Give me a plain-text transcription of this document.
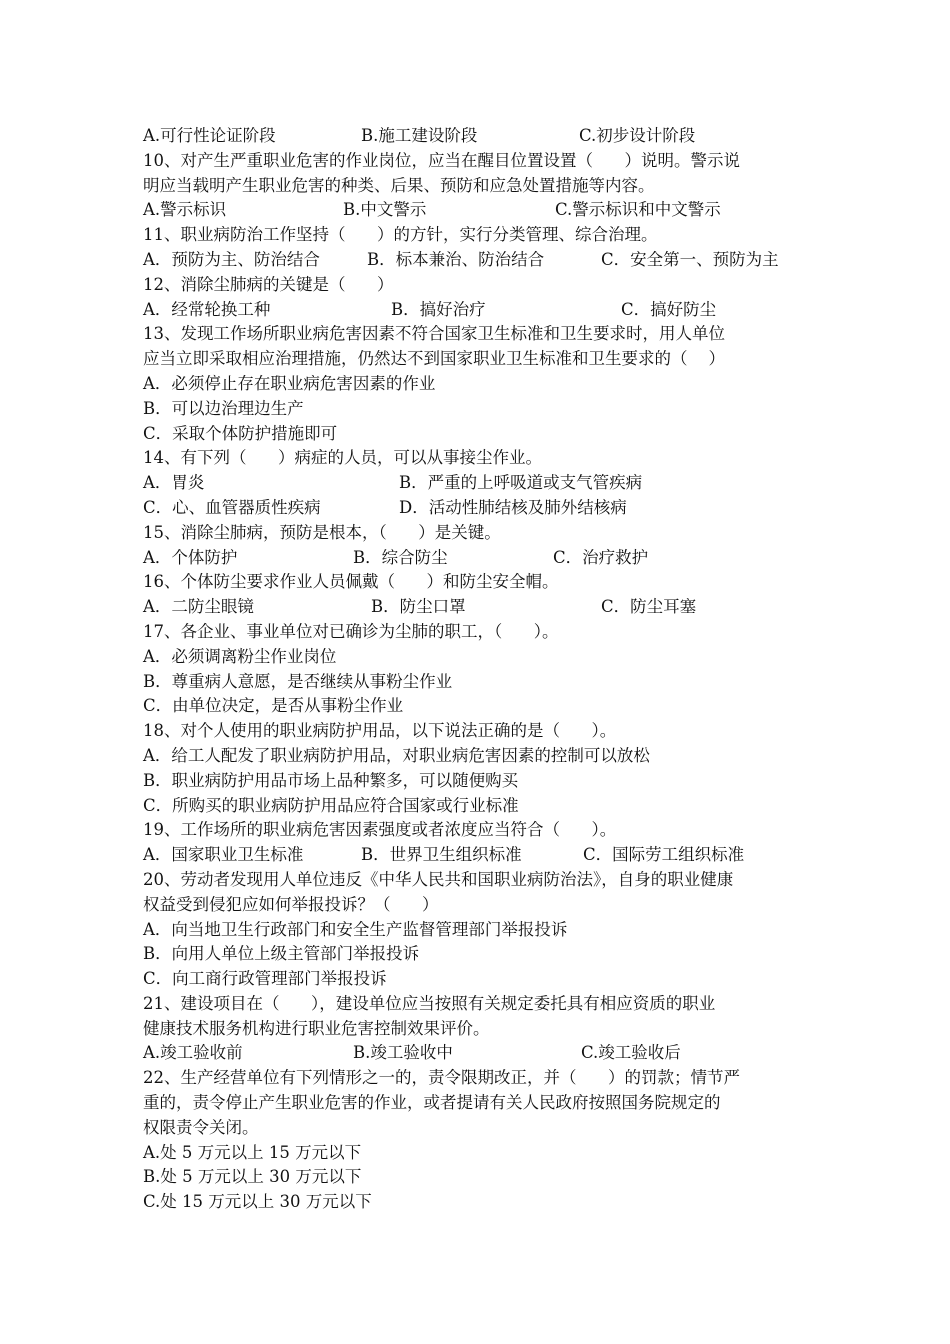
A.可行性论证阶段	B.施工建设阶段	C.初步设计阶段
10、对产生严重职业危害的作业岗位，应当在醒目位置设置（      ）说明。警示说
明应当载明产生职业危害的种类、后果、预防和应急处置措施等内容。
A.警示标识	B.中文警示	C.警示标识和中文警示
11、职业病防治工作坚持（      ）的方针，实行分类管理、综合治理。
A．预防为主、防治结合	B．标本兼治、防治结合	C．安全第一、预防为主
12、消除尘肺病的关键是（      ）
A．经常轮换工种	B．搞好治疗	C．搞好防尘
13、发现工作场所职业病危害因素不符合国家卫生标准和卫生要求时，用人单位
应当立即采取相应治理措施，仍然达不到国家职业卫生标准和卫生要求的（    ）
A．必须停止存在职业病危害因素的作业
B．可以边治理边生产
C．采取个体防护措施即可
14、有下列（      ）病症的人员，可以从事接尘作业。
A．胃炎	B．严重的上呼吸道或支气管疾病
C．心、血管器质性疾病	D．活动性肺结核及肺外结核病
15、消除尘肺病，预防是根本，（      ）是关键。
A．个体防护	B．综合防尘	C．治疗救护
16、个体防尘要求作业人员佩戴（      ）和防尘安全帽。
A．二防尘眼镜	B．防尘口罩	C．防尘耳塞
17、各企业、事业单位对已确诊为尘肺的职工，（      ）。
A．必须调离粉尘作业岗位
B．尊重病人意愿，是否继续从事粉尘作业
C．由单位决定，是否从事粉尘作业
18、对个人使用的职业病防护用品，以下说法正确的是（      ）。
A．给工人配发了职业病防护用品，对职业病危害因素的控制可以放松
B．职业病防护用品市场上品种繁多，可以随便购买
C．所购买的职业病防护用品应符合国家或行业标准
19、工作场所的职业病危害因素强度或者浓度应当符合（      ）。
A．国家职业卫生标准	B．世界卫生组织标准	C．国际劳工组织标准
20、劳动者发现用人单位违反《中华人民共和国职业病防治法》，自身的职业健康
权益受到侵犯应如何举报投诉？（      ）
A．向当地卫生行政部门和安全生产监督管理部门举报投诉
B．向用人单位上级主管部门举报投诉
C．向工商行政管理部门举报投诉
21、建设项目在（      ），建设单位应当按照有关规定委托具有相应资质的职业
健康技术服务机构进行职业危害控制效果评价。
A.竣工验收前	B.竣工验收中	C.竣工验收后
22、生产经营单位有下列情形之一的，责令限期改正，并（      ）的罚款；情节严
重的，责令停止产生职业危害的作业，或者提请有关人民政府按照国务院规定的
权限责令关闭。
A.处 5 万元以上 15 万元以下
B.处 5 万元以上 30 万元以下
C.处 15 万元以上 30 万元以下
